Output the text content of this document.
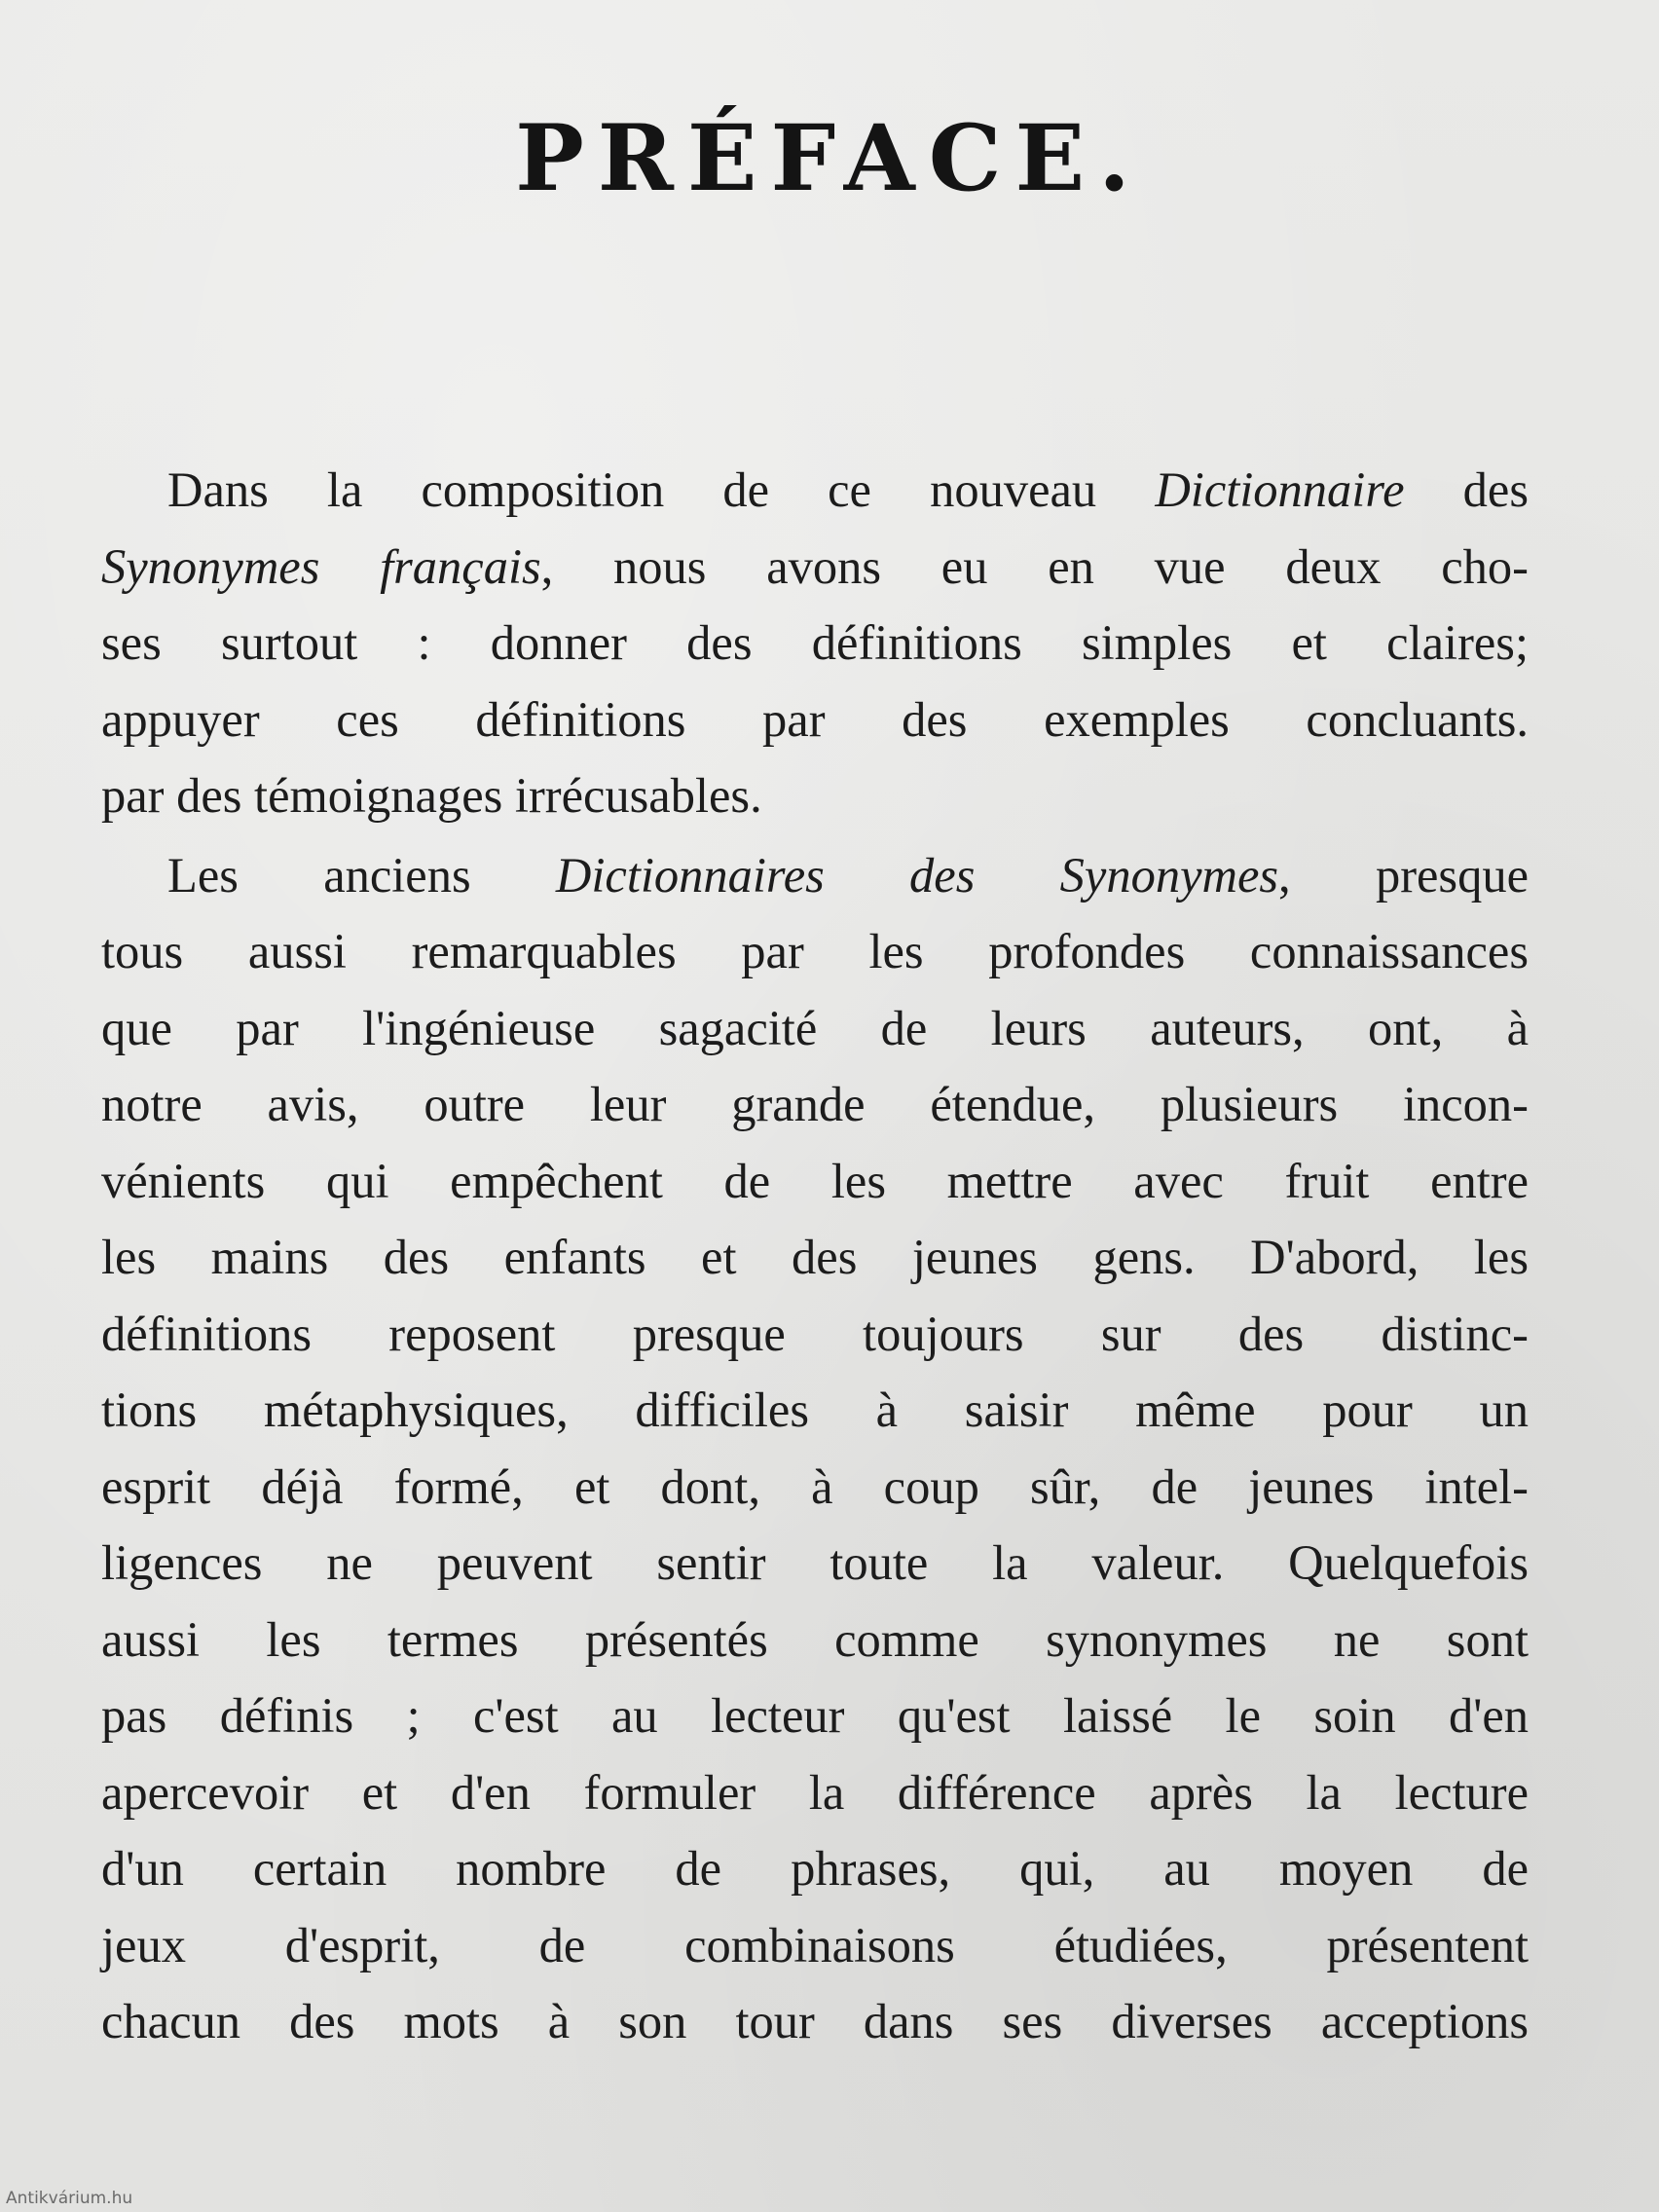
PRÉFACE.
Dans la composition de ce nouveau Dictionnaire des
Synonymes français, nous avons eu en vue deux cho-
ses surtout : donner des définitions simples et claires;
appuyer ces définitions par des exemples concluants.
par des témoignages irrécusables.
Les anciens Dictionnaires des Synonymes, presque
tous aussi remarquables par les profondes connaissances
que par l'ingénieuse sagacité de leurs auteurs, ont, à
notre avis, outre leur grande étendue, plusieurs incon-
vénients qui empêchent de les mettre avec fruit entre
les mains des enfants et des jeunes gens. D'abord, les
définitions reposent presque toujours sur des distinc-
tions métaphysiques, difficiles à saisir même pour un
esprit déjà formé, et dont, à coup sûr, de jeunes intel-
ligences ne peuvent sentir toute la valeur. Quelquefois
aussi les termes présentés comme synonymes ne sont
pas définis ; c'est au lecteur qu'est laissé le soin d'en
apercevoir et d'en formuler la différence après la lecture
d'un certain nombre de phrases, qui, au moyen de
jeux d'esprit, de combinaisons étudiées, présentent
chacun des mots à son tour dans ses diverses acceptions
Antikvárium.hu
